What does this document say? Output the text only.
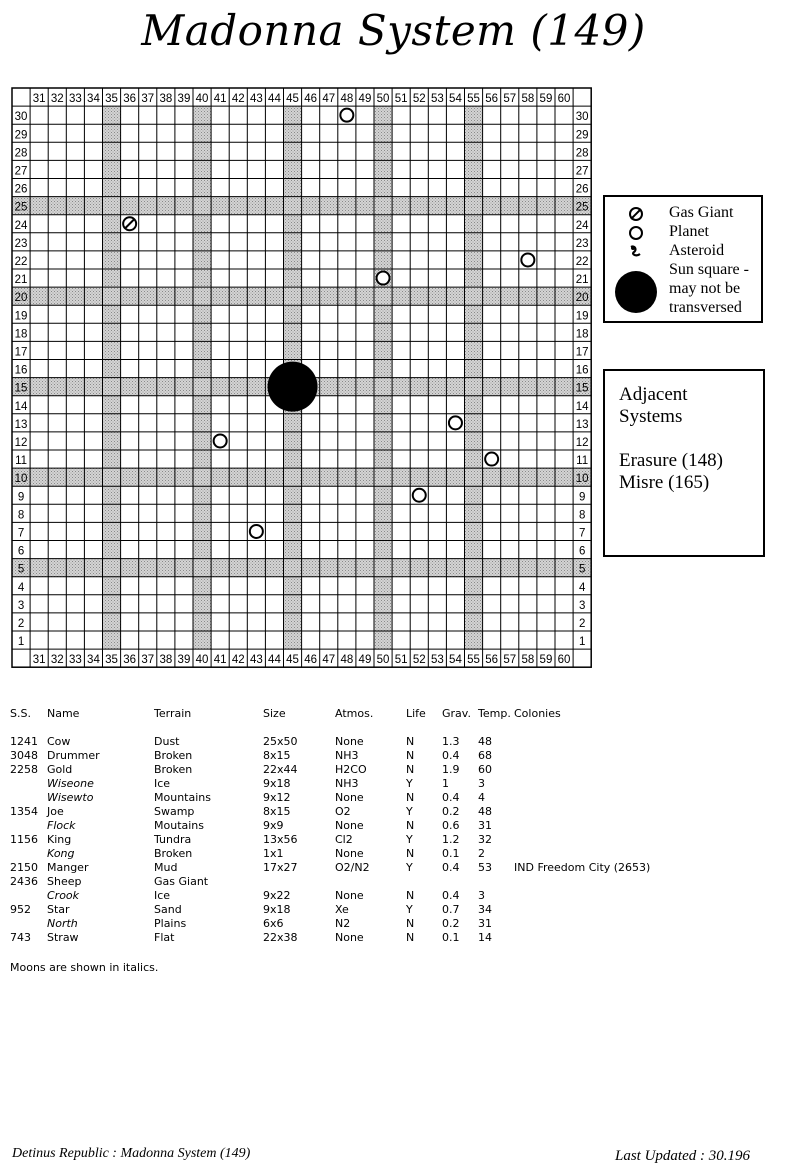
Madonna System (149)
31
31
32
32
33
33
34
34
35
35
36
36
37
37
38
38
39
39
40
40
41
41
42
42
43
43
44
44
45
45
46
46
47
47
48
48
49
49
50
50
51
51
52
52
53
53
54
54
55
55
56
56
57
57
58
58
59
59
60
60
30	30
29	29
28	28
27	27
26	26
25	25
24	24
23	23
22	22
21	21
20	20
19	19
18	18
17	17
16	16
15	15
14	14
13	13
12	12
11	11
10	10
9	9
8	8
7	7
6	6
5	5
4	4
3	3
2	2
1	1
Gas Giant
Planet
Asteroid
Sun square -
may not be
transversed
Adjacent
Systems
Erasure (148)
Misre (165)
S.S. Name	Terrain	Size	Atmos.	Life Grav. Temp. Colonies
1241 Cow	Dust	25x50	None	N	1.3 48
3048 Drummer	Broken	8x15	NH3	N	0.4 68
2258 Gold	Broken	22x44	H2CO	N	1.9 60
Wiseone	Ice	9x18	NH3	Y	1	3
Wisewto	Mountains	9x12	None	N	0.4 4
1354 Joe	Swamp	8x15	O2	Y	0.2 48
Flock	Moutains	9x9	None	N	0.6 31
1156 King	Tundra	13x56	Cl2	Y	1.2 32
Kong	Broken	1x1	None	N	0.1 2
2150 Manger	Mud	17x27	O2/N2	Y	0.4 53 IND Freedom City (2653)
2436 Sheep	Gas Giant
Crook	Ice	9x22	None	N	0.4 3
952 Star	Sand	9x18	Xe	Y	0.7 34
North	Plains	6x6	N2	N	0.2 31
743 Straw	Flat	22x38	None	N	0.1 14
Moons are shown in italics.
Detinus Republic : Madonna System (149)	Last Updated : 30.196
